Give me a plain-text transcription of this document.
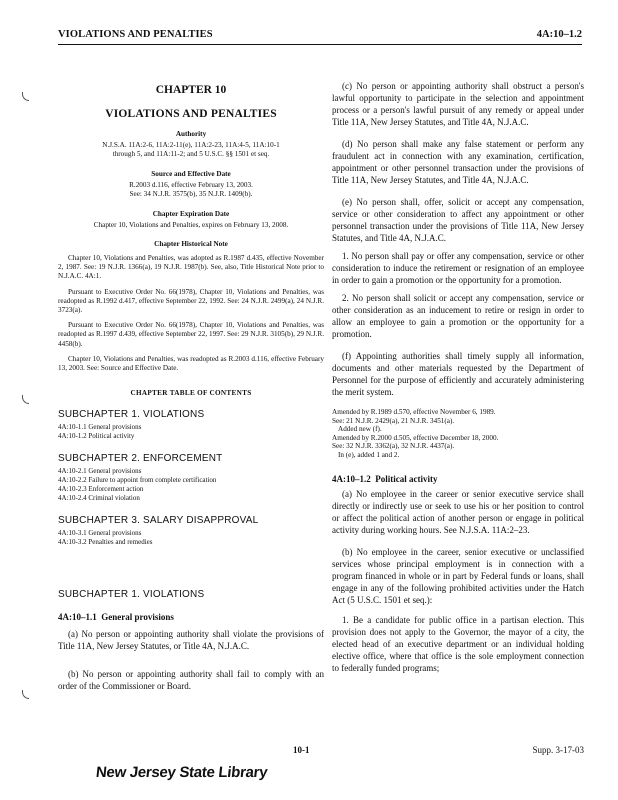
VIOLATIONS AND PENALTIES	4A:10–1.2
CHAPTER 10
VIOLATIONS AND PENALTIES
Authority
N.J.S.A. 11A:2-6, 11A:2-11(e), 11A:2-23, 11A:4-5, 11A:10-1
through 5, and 11A:11-2; and 5 U.S.C. §§ 1501 et seq.
Source and Effective Date
R.2003 d.116, effective February 13, 2003.
See: 34 N.J.R. 3575(b), 35 N.J.R. 1409(b).
Chapter Expiration Date
Chapter 10, Violations and Penalties, expires on February 13, 2008.
Chapter Historical Note
Chapter 10, Violations and Penalties, was adopted as R.1987 d.435, effective November 2, 1987. See: 19 N.J.R. 1366(a), 19 N.J.R. 1987(b). See, also, Title Historical Note prior to N.J.A.C. 4A:1.
Pursuant to Executive Order No. 66(1978), Chapter 10, Violations and Penalties, was readopted as R.1992 d.417, effective September 22, 1992. See: 24 N.J.R. 2499(a), 24 N.J.R. 3723(a).
Pursuant to Executive Order No. 66(1978), Chapter 10, Violations and Penalties, was readopted as R.1997 d.439, effective September 22, 1997. See: 29 N.J.R. 3105(b), 29 N.J.R. 4458(b).
Chapter 10, Violations and Penalties, was readopted as R.2003 d.116, effective February 13, 2003. See: Source and Effective Date.
CHAPTER TABLE OF CONTENTS
SUBCHAPTER 1. VIOLATIONS
4A:10-1.1 General provisions
4A:10-1.2 Political activity
SUBCHAPTER 2. ENFORCEMENT
4A:10-2.1 General provisions
4A:10-2.2 Failure to appoint from complete certification
4A:10-2.3 Enforcement action
4A:10-2.4 Criminal violation
SUBCHAPTER 3. SALARY DISAPPROVAL
4A:10-3.1 General provisions
4A:10-3.2 Penalties and remedies
SUBCHAPTER 1. VIOLATIONS
4A:10–1.1 General provisions
(a) No person or appointing authority shall violate the provisions of Title 11A, New Jersey Statutes, or Title 4A, N.J.A.C.
(b) No person or appointing authority shall fail to comply with an order of the Commissioner or Board.
(c) No person or appointing authority shall obstruct a person's lawful opportunity to participate in the selection and appointment process or a person's lawful pursuit of any remedy or appeal under Title 11A, New Jersey Statutes, and Title 4A, N.J.A.C.
(d) No person shall make any false statement or perform any fraudulent act in connection with any examination, certification, appointment or other personnel transaction under the provisions of Title 11A, New Jersey Statutes, and Title 4A, N.J.A.C.
(e) No person shall, offer, solicit or accept any compensation, service or other consideration to affect any appointment or other personnel transaction under the provisions of Title 11A, New Jersey Statutes, and Title 4A, N.J.A.C.
1. No person shall pay or offer any compensation, service or other consideration to induce the retirement or resignation of an employee in order to gain a promotion or the opportunity for a promotion.
2. No person shall solicit or accept any compensation, service or other consideration as an inducement to retire or resign in order to allow an employee to gain a promotion or the opportunity for a promotion.
(f) Appointing authorities shall timely supply all information, documents and other materials requested by the Department of Personnel for the purpose of efficiently and accurately administering the merit system.
Amended by R.1989 d.570, effective November 6, 1989.
See: 21 N.J.R. 2429(a), 21 N.J.R. 3451(a).
Added new (f).
Amended by R.2000 d.505, effective December 18, 2000.
See: 32 N.J.R. 3362(a), 32 N.J.R. 4437(a).
In (e), added 1 and 2.
4A:10–1.2 Political activity
(a) No employee in the career or senior executive service shall directly or indirectly use or seek to use his or her position to control or affect the political action of another person or engage in political activity during working hours. See N.J.S.A. 11A:2–23.
(b) No employee in the career, senior executive or unclassified services whose principal employment is in connection with a program financed in whole or in part by Federal funds or loans, shall engage in any of the following prohibited activities under the Hatch Act (5 U.S.C. 1501 et seq.):
1. Be a candidate for public office in a partisan election. This provision does not apply to the Governor, the mayor of a city, the elected head of an executive department or an individual holding elective office, where that office is the sole employment connection to federally funded programs;
10-1	Supp. 3-17-03
New Jersey State Library
